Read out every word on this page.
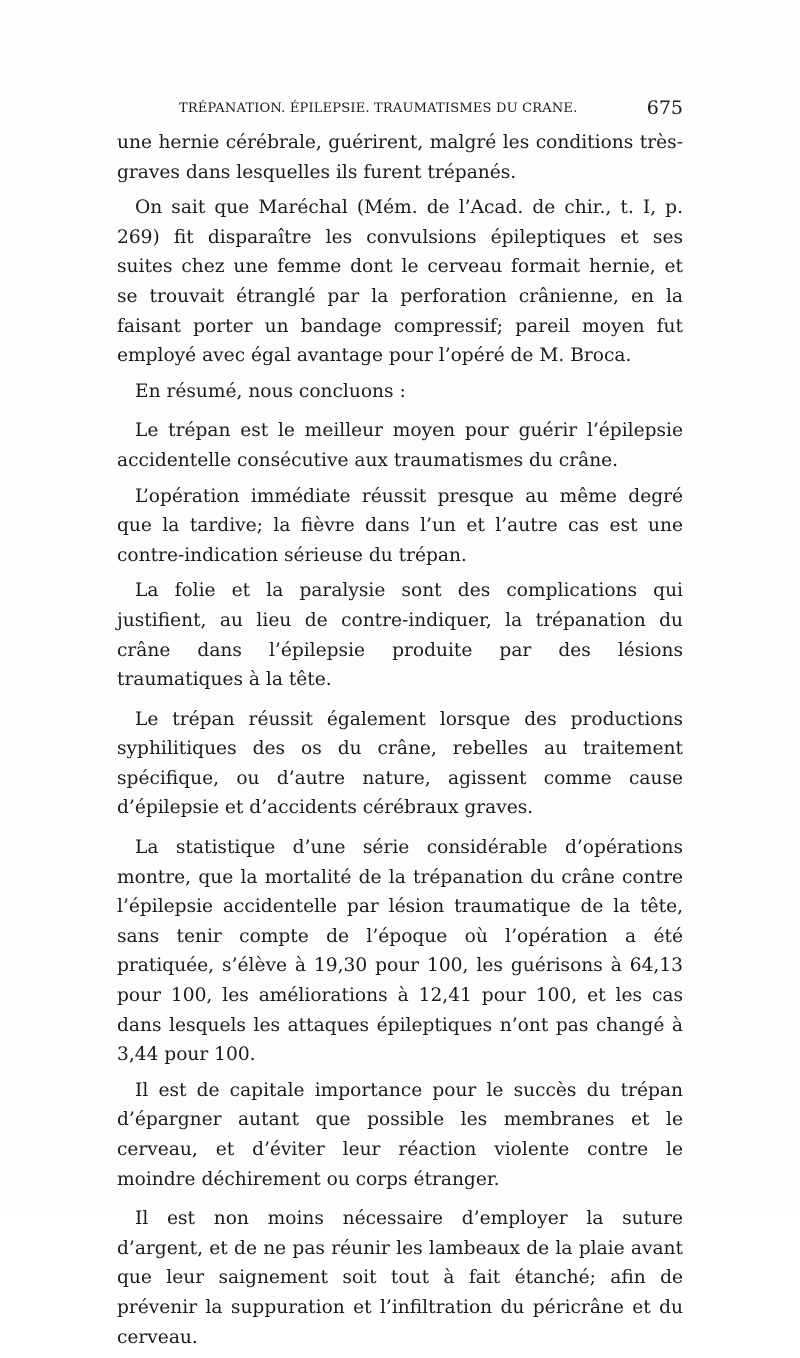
TRÉPANATION. ÉPILEPSIE. TRAUMATISMES DU CRANE.	675

une hernie cérébrale, guérirent, malgré les conditions très-graves dans lesquelles ils furent trépanés.

On sait que Maréchal (Mém. de l’Acad. de chir., t. I, p. 269) fit disparaître les convulsions épileptiques et ses suites chez une femme dont le cerveau formait hernie, et se trouvait étranglé par la perforation crânienne, en la faisant porter un bandage compressif; pareil moyen fut employé avec égal avantage pour l’opéré de M. Broca.

En résumé, nous concluons :

Le trépan est le meilleur moyen pour guérir l’épilepsie accidentelle consécutive aux traumatismes du crâne.

L’opération immédiate réussit presque au même degré que la tardive; la fièvre dans l’un et l’autre cas est une contre-indication sérieuse du trépan.

La folie et la paralysie sont des complications qui justifient, au lieu de contre-indiquer, la trépanation du crâne dans l’épilepsie produite par des lésions traumatiques à la tête.

Le trépan réussit également lorsque des productions syphilitiques des os du crâne, rebelles au traitement spécifique, ou d’autre nature, agissent comme cause d’épilepsie et d’accidents cérébraux graves.

La statistique d’une série considérable d’opérations montre, que la mortalité de la trépanation du crâne contre l’épilepsie accidentelle par lésion traumatique de la tête, sans tenir compte de l’époque où l’opération a été pratiquée, s’élève à 19,30 pour 100, les guérisons à 64,13 pour 100, les améliorations à 12,41 pour 100, et les cas dans lesquels les attaques épileptiques n’ont pas changé à 3,44 pour 100.

Il est de capitale importance pour le succès du trépan d’épargner autant que possible les membranes et le cerveau, et d’éviter leur réaction violente contre le moindre déchirement ou corps étranger.

Il est non moins nécessaire d’employer la suture d’argent, et de ne pas réunir les lambeaux de la plaie avant que leur saignement soit tout à fait étanché; afin de prévenir la suppuration et l’infiltration du péricrâne et du cerveau.
